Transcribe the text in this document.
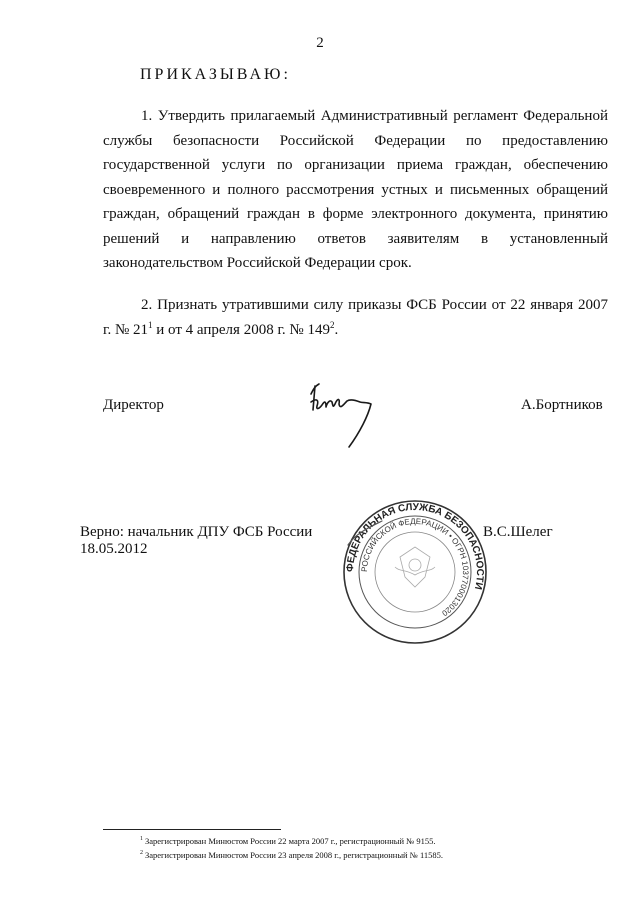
2
ПРИКАЗЫВАЮ:
1. Утвердить прилагаемый Административный регламент Федеральной службы безопасности Российской Федерации по предоставлению государственной услуги по организации приема граждан, обеспечению своевременного и полного рассмотрения устных и письменных обращений граждан, обращений граждан в форме электронного документа, принятию решений и направлению ответов заявителям в установленный законодательством Российской Федерации срок.
2. Признать утратившими силу приказы ФСБ России от 22 января 2007 г. № $21^1$ и от 4 апреля 2008 г. № $149^2$.
Директор	А.Бортников
ФЕДЕРАЛЬНАЯ СЛУЖБА БЕЗОПАСНОСТИ
РОССИЙСКОЙ ФЕДЕРАЦИИ • ОГРН 1037700013020
Верно: начальник ДПУ ФСБ России
18.05.2012
В.С.Шелег
$^1$ Зарегистрирован Минюстом России 22 марта 2007 г., регистрационный № 9155.
$^2$ Зарегистрирован Минюстом России 23 апреля 2008 г., регистрационный № 11585.
